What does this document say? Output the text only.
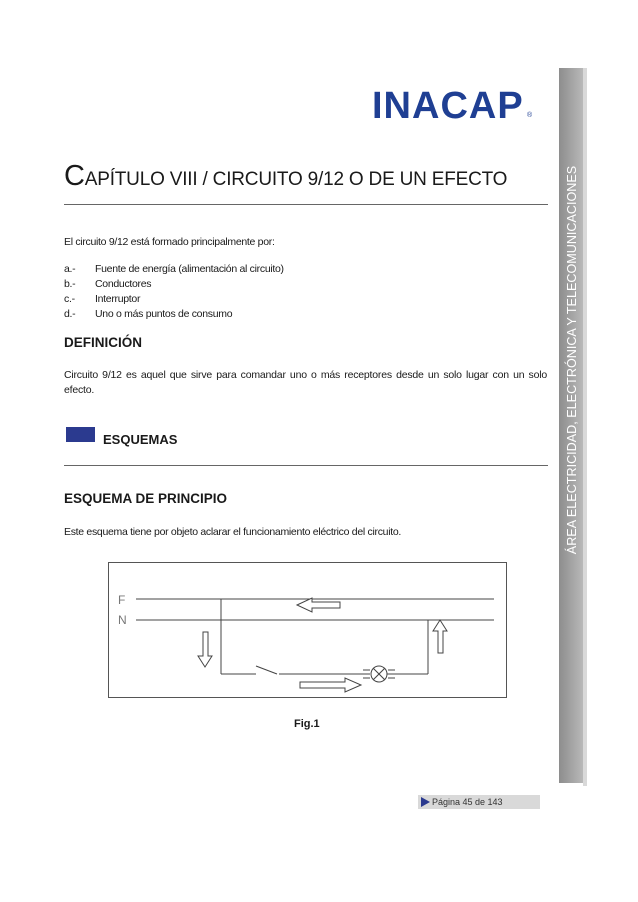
INACAP ®
ÁREA ELECTRICIDAD, ELECTRÓNICA Y TELECOMUNICACIONES
CAPÍTULO VIII / CIRCUITO 9/12 O DE UN EFECTO
El circuito 9/12 está formado principalmente por:
a.- Fuente de energía (alimentación al circuito)
b.- Conductores
c.- Interruptor
d.- Uno o más puntos de consumo
DEFINICIÓN
Circuito 9/12 es aquel que sirve para comandar uno o más receptores desde un solo lugar con un solo efecto.
ESQUEMAS
ESQUEMA DE PRINCIPIO
Este esquema tiene por objeto aclarar el funcionamiento eléctrico del circuito.
F
N
Fig.1
Página 45 de 143
